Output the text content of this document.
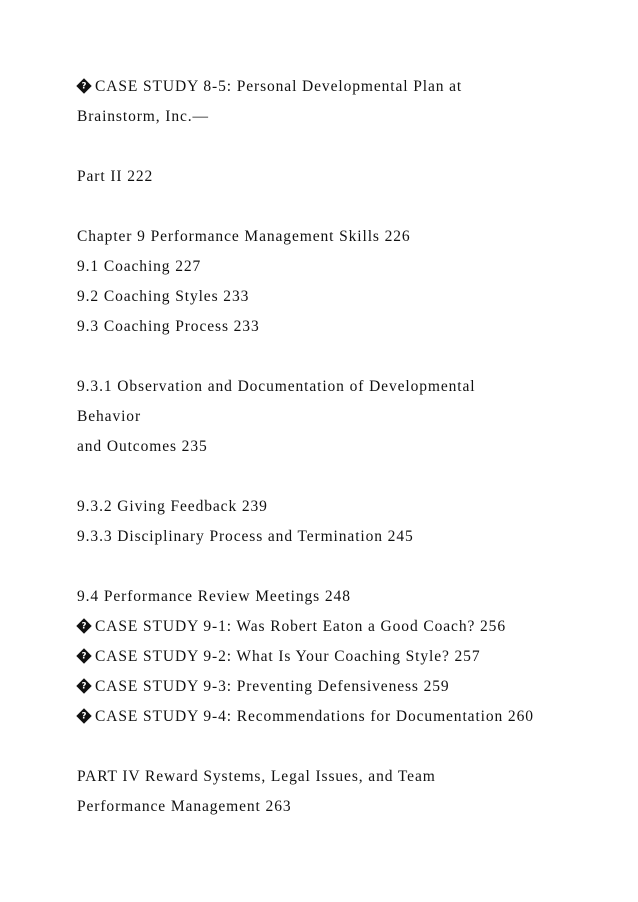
?CASE STUDY 8-5: Personal Developmental Plan at
Brainstorm, Inc.—
Part II 222
Chapter 9 Performance Management Skills 226
9.1 Coaching 227
9.2 Coaching Styles 233
9.3 Coaching Process 233
9.3.1 Observation and Documentation of Developmental
Behavior
and Outcomes 235
9.3.2 Giving Feedback 239
9.3.3 Disciplinary Process and Termination 245
9.4 Performance Review Meetings 248
?CASE STUDY 9-1: Was Robert Eaton a Good Coach? 256
?CASE STUDY 9-2: What Is Your Coaching Style? 257
?CASE STUDY 9-3: Preventing Defensiveness 259
?CASE STUDY 9-4: Recommendations for Documentation 260
PART IV Reward Systems, Legal Issues, and Team
Performance Management 263
